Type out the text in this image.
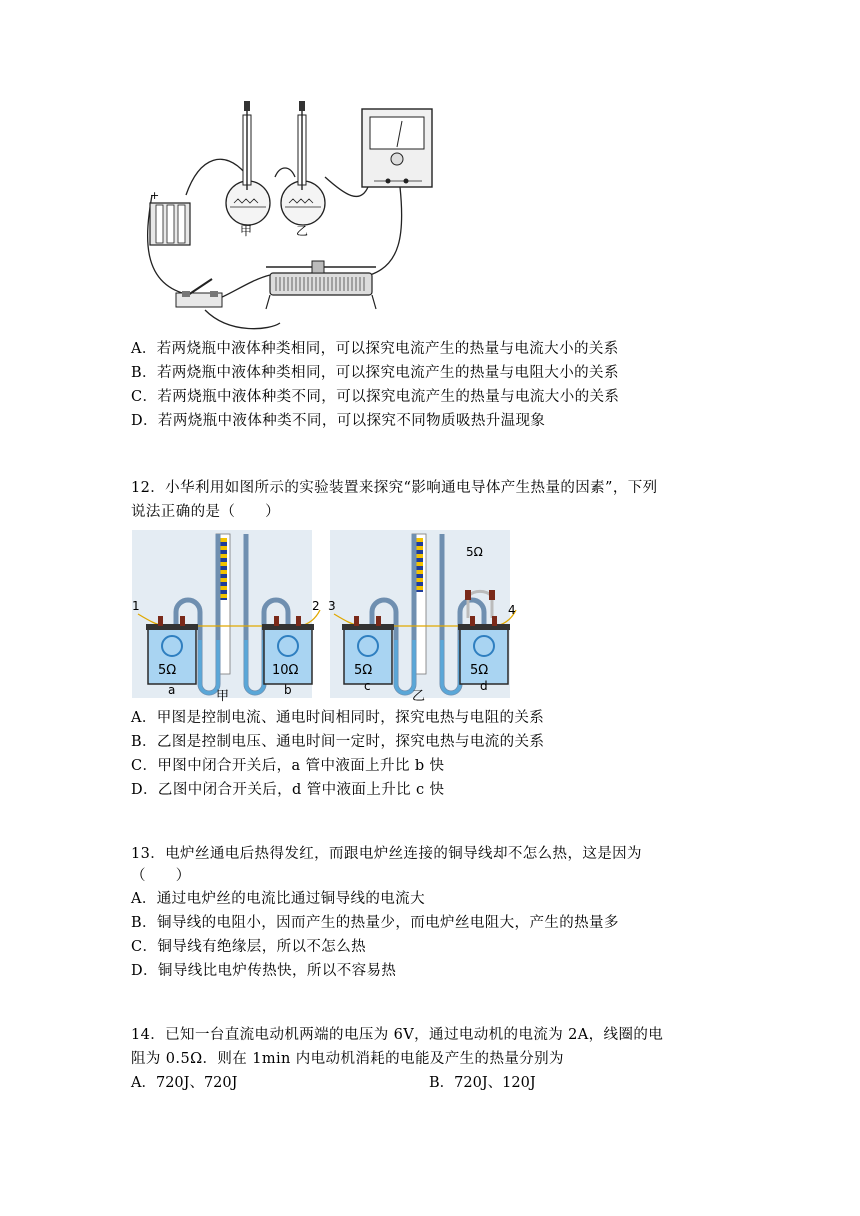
+
甲	乙
A．若两烧瓶中液体种类相同，可以探究电流产生的热量与电流大小的关系
B．若两烧瓶中液体种类相同，可以探究电流产生的热量与电阻大小的关系
C．若两烧瓶中液体种类不同，可以探究电流产生的热量与电流大小的关系
D．若两烧瓶中液体种类不同，可以探究不同物质吸热升温现象
12．小华利用如图所示的实验装置来探究“影响通电导体产生热量的因素”，下列
说法正确的是（　　）
1	2
5Ω	10Ω
a	b
甲
3	4
5Ω
5Ω	5Ω
c	d
乙
A．甲图是控制电流、通电时间相同时，探究电热与电阻的关系
B．乙图是控制电压、通电时间一定时，探究电热与电流的关系
C．甲图中闭合开关后，a 管中液面上升比 b 快
D．乙图中闭合开关后，d 管中液面上升比 c 快
13．电炉丝通电后热得发红，而跟电炉丝连接的铜导线却不怎么热，这是因为
（　　）
A．通过电炉丝的电流比通过铜导线的电流大
B．铜导线的电阻小，因而产生的热量少，而电炉丝电阻大，产生的热量多
C．铜导线有绝缘层，所以不怎么热
D．铜导线比电炉传热快，所以不容易热
14．已知一台直流电动机两端的电压为 6V，通过电动机的电流为 2A，线圈的电
阻为 0.5Ω．则在 1min 内电动机消耗的电能及产生的热量分别为
A．720J、720J	B．720J、120J
